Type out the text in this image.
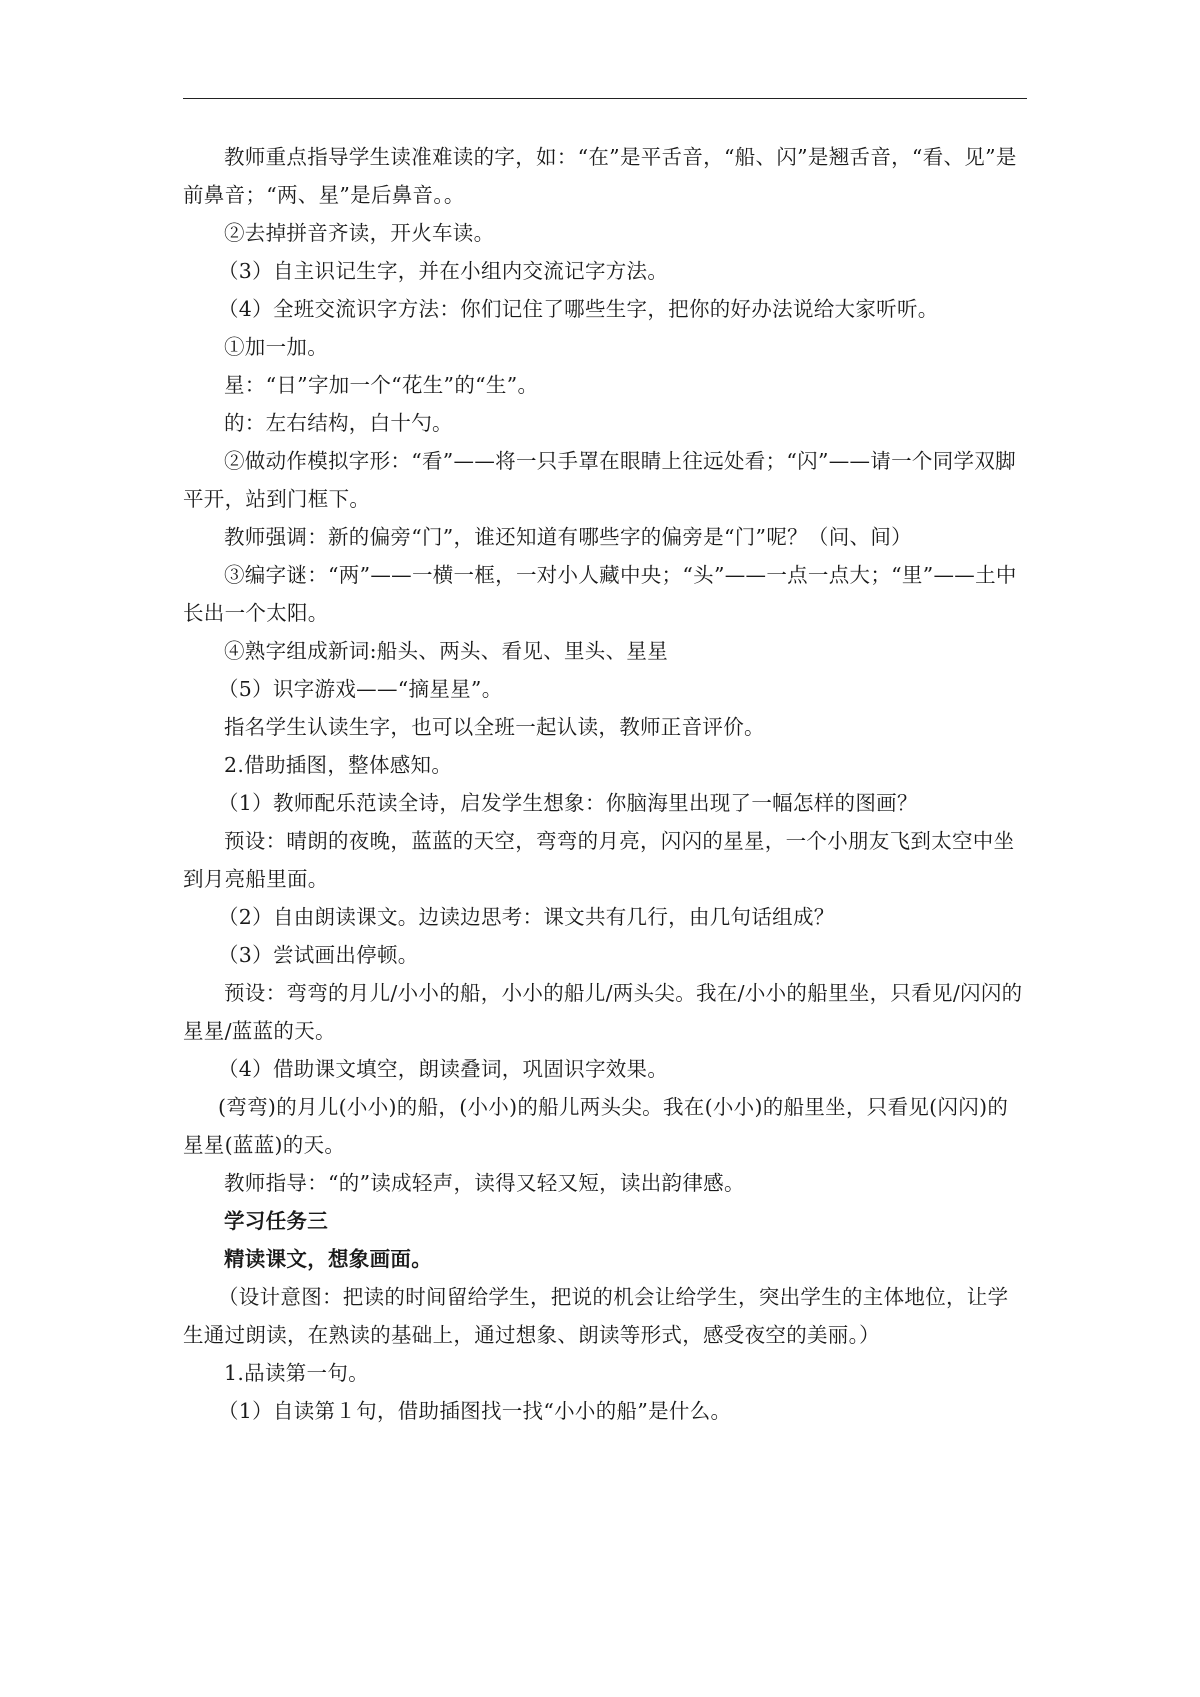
教师重点指导学生读准难读的字，如：“在”是平舌音，“船、闪”是翘舌音，“看、见”是前鼻音；“两、星”是后鼻音。。

②去掉拼音齐读，开火车读。

（3）自主识记生字，并在小组内交流记字方法。

（4）全班交流识字方法：你们记住了哪些生字，把你的好办法说给大家听听。

①加一加。

星：“日”字加一个“花生”的“生”。

的：左右结构，白十勺。

②做动作模拟字形：“看”——将一只手罩在眼睛上往远处看；“闪”——请一个同学双脚平开，站到门框下。

教师强调：新的偏旁“门”，谁还知道有哪些字的偏旁是“门”呢？（问、间）

③编字谜：“两”——一横一框，一对小人藏中央；“头”——一点一点大；“里”——土中长出一个太阳。

④熟字组成新词:船头、两头、看见、里头、星星

（5）识字游戏——“摘星星”。

指名学生认读生字，也可以全班一起认读，教师正音评价。

2.借助插图，整体感知。

（1）教师配乐范读全诗，启发学生想象：你脑海里出现了一幅怎样的图画？

预设：晴朗的夜晚，蓝蓝的天空，弯弯的月亮，闪闪的星星，一个小朋友飞到太空中坐到月亮船里面。

（2）自由朗读课文。边读边思考：课文共有几行，由几句话组成？

（3）尝试画出停顿。

预设：弯弯的月儿/小小的船，小小的船儿/两头尖。我在/小小的船里坐，只看见/闪闪的星星/蓝蓝的天。

（4）借助课文填空，朗读叠词，巩固识字效果。

(弯弯)的月儿(小小)的船，(小小)的船儿两头尖。我在(小小)的船里坐，只看见(闪闪)的星星(蓝蓝)的天。

教师指导：“的”读成轻声，读得又轻又短，读出韵律感。

学习任务三

精读课文，想象画面。

（设计意图：把读的时间留给学生，把说的机会让给学生，突出学生的主体地位，让学生通过朗读，在熟读的基础上，通过想象、朗读等形式，感受夜空的美丽。）

1.品读第一句。

（1）自读第１句，借助插图找一找“小小的船”是什么。
